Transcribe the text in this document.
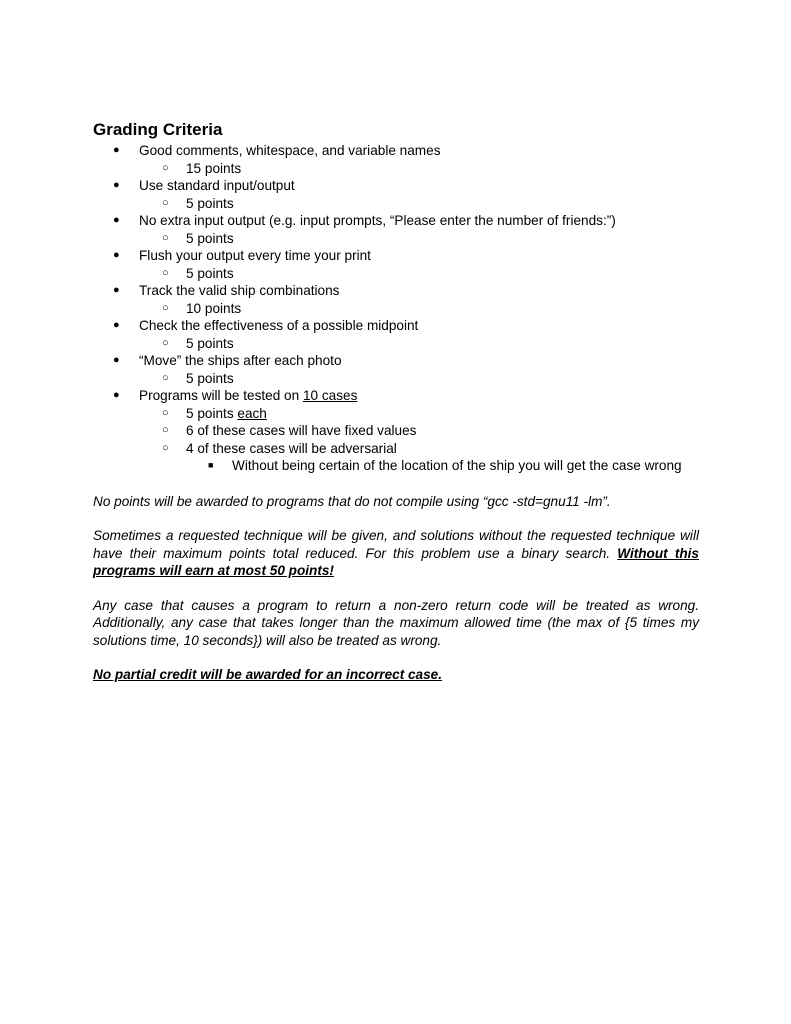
Grading Criteria
● Good comments, whitespace, and variable names
○ 15 points
● Use standard input/output
○ 5 points
● No extra input output (e.g. input prompts, “Please enter the number of friends:”)
○ 5 points
● Flush your output every time your print
○ 5 points
● Track the valid ship combinations
○ 10 points
● Check the effectiveness of a possible midpoint
○ 5 points
● “Move” the ships after each photo
○ 5 points
● Programs will be tested on 10 cases
○ 5 points each
○ 6 of these cases will have fixed values
○ 4 of these cases will be adversarial
■ Without being certain of the location of the ship you will get the case wrong

No points will be awarded to programs that do not compile using “gcc -std=gnu11 -lm”.

Sometimes a requested technique will be given, and solutions without the requested technique will have their maximum points total reduced. For this problem use a binary search. Without this programs will earn at most 50 points!

Any case that causes a program to return a non-zero return code will be treated as wrong. Additionally, any case that takes longer than the maximum allowed time (the max of {5 times my solutions time, 10 seconds}) will also be treated as wrong.

No partial credit will be awarded for an incorrect case.
